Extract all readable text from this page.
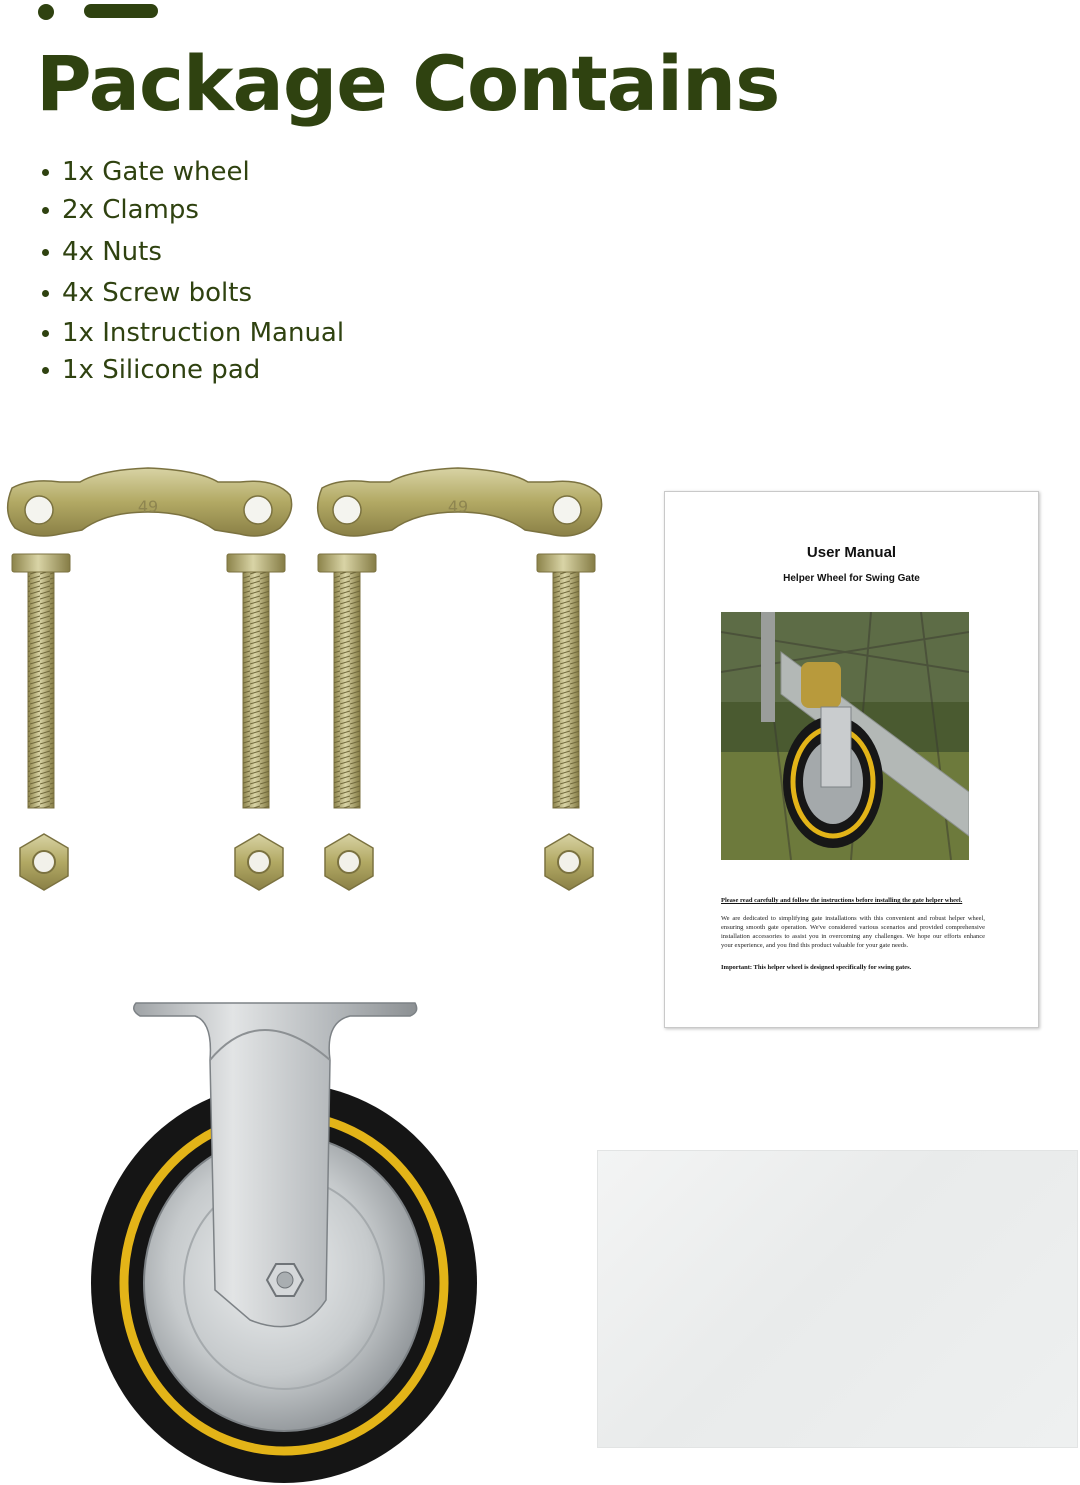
Package Contains
1x Gate wheel
2x Clamps
4x Nuts
4x Screw bolts
1x Instruction Manual
1x Silicone pad
49	49
User Manual
Helper Wheel for Swing Gate
Please read carefully and follow the instructions before installing the gate helper wheel.
We are dedicated to simplifying gate installations with this convenient and robust helper wheel, ensuring smooth gate operation. We've considered various scenarios and provided comprehensive installation accessories to assist you in overcoming any challenges. We hope our efforts enhance your experience, and you find this product valuable for your gate needs.
Important: This helper wheel is designed specifically for swing gates.
